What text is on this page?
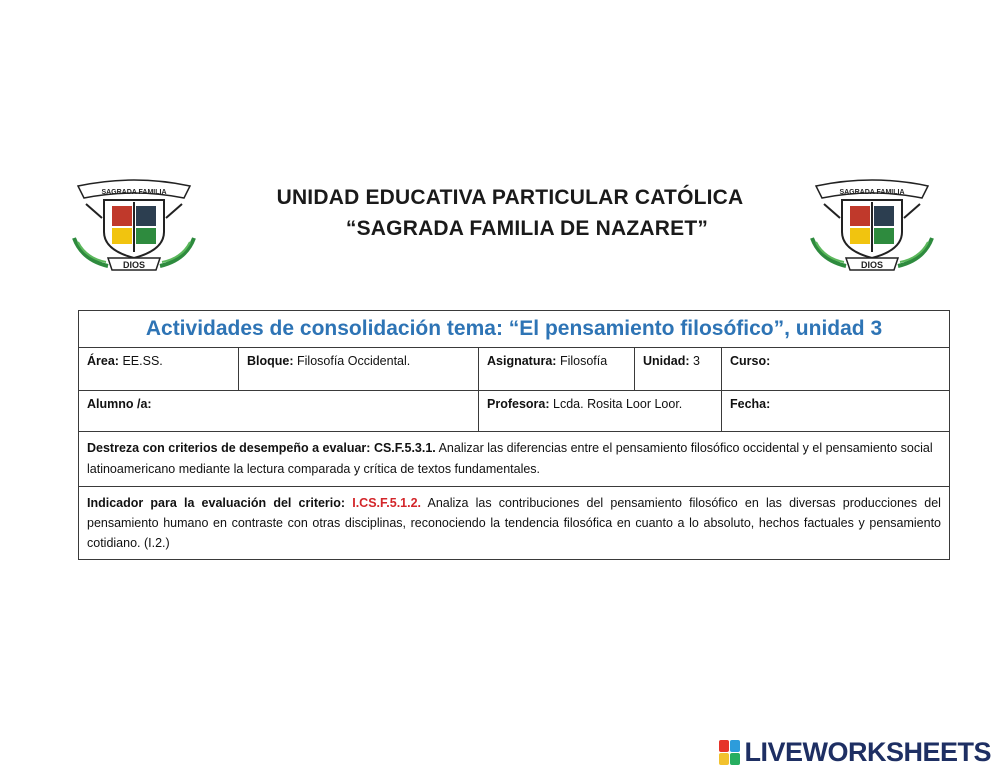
SAGRADA FAMILIA
DIOS
UNIDAD EDUCATIVA PARTICULAR CATÓLICA
“SAGRADA FAMILIA DE NAZARET”
SAGRADA FAMILIA
DIOS
Actividades de consolidación tema: “El pensamiento filosófico”, unidad 3				
Área: EE.SS.	Bloque: Filosofía Occidental.	Asignatura: Filosofía	Unidad: 3	Curso:
Alumno /a:		Profesora: Lcda. Rosita Loor Loor.		Fecha:
Destreza con criterios de desempeño a evaluar: CS.F.5.3.1. Analizar las diferencias entre el pensamiento filosófico occidental y el pensamiento social latinoamericano mediante la lectura comparada y crítica de textos fundamentales.				
Indicador para la evaluación del criterio: I.CS.F.5.1.2. Analiza las contribuciones del pensamiento filosófico en las diversas producciones del pensamiento humano en contraste con otras disciplinas, reconociendo la tendencia filosófica en cuanto a lo absoluto, hechos factuales y pensamiento cotidiano. (I.2.)				
LIVEWORKSHEETS
